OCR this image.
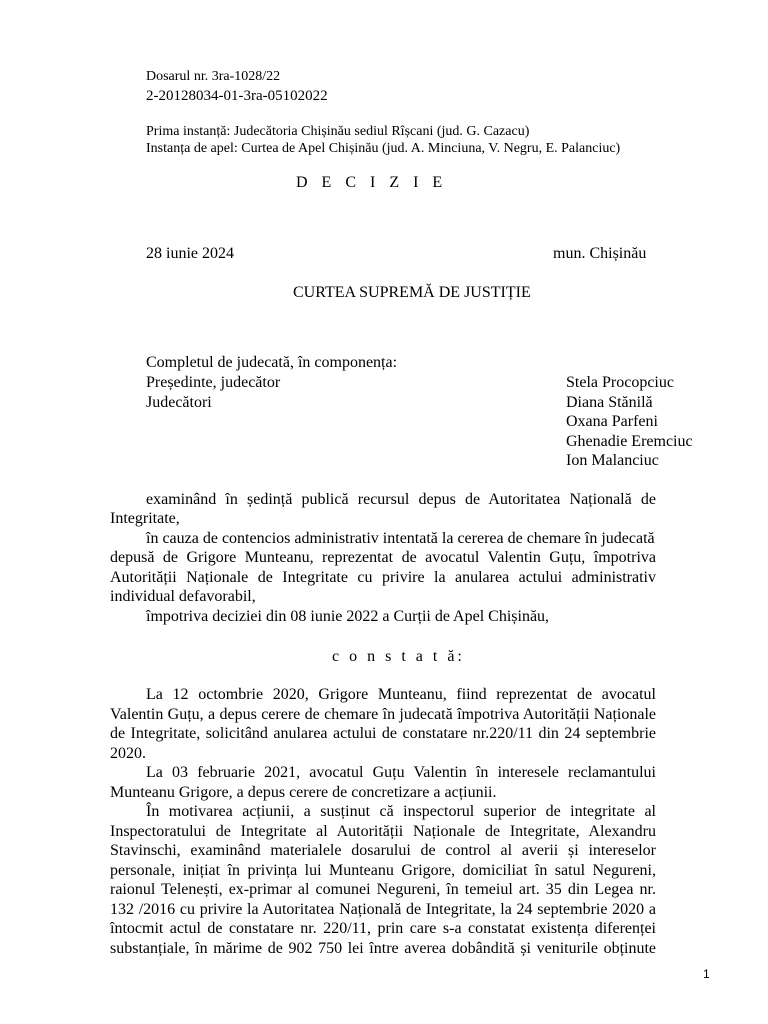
Dosarul nr. 3ra-1028/22
2-20128034-01-3ra-05102022
Prima instanță: Judecătoria Chișinău sediul Rîșcani (jud. G. Cazacu)
Instanța de apel: Curtea de Apel Chișinău (jud. A. Minciuna, V. Negru, E. Palanciuc)
D E C I Z I E
28 iunie 2024	mun. Chișinău
CURTEA SUPREMĂ DE JUSTIȚIE
Completul de judecată, în componența:
Președinte, judecător
Judecători
Stela Procopciuc
Diana Stănilă
Oxana Parfeni
Ghenadie Eremciuc
Ion Malanciuc
examinând în ședință publică recursul depus de Autoritatea Națională de
Integritate,
în cauza de contencios administrativ intentată la cererea de chemare în judecată
depusă de Grigore Munteanu, reprezentat de avocatul Valentin Guțu, împotriva
Autorității Naționale de Integritate cu privire la anularea actului administrativ
individual defavorabil,
împotriva deciziei din 08 iunie 2022 a Curții de Apel Chișinău,
c o n s t a t ă:
La 12 octombrie 2020, Grigore Munteanu, fiind reprezentat de avocatul
Valentin Guțu, a depus cerere de chemare în judecată împotriva Autorității Naționale
de Integritate, solicitând anularea actului de constatare nr.220/11 din 24 septembrie
2020.
La 03 februarie 2021, avocatul Guțu Valentin în interesele reclamantului
Munteanu Grigore, a depus cerere de concretizare a acțiunii.
În motivarea acțiunii, a susținut că inspectorul superior de integritate al
Inspectoratului de Integritate al Autorității Naționale de Integritate, Alexandru
Stavinschi, examinând materialele dosarului de control al averii și intereselor
personale, inițiat în privința lui Munteanu Grigore, domiciliat în satul Negureni,
raionul Telenești, ex-primar al comunei Negureni, în temeiul art. 35 din Legea nr.
132 /2016 cu privire la Autoritatea Națională de Integritate, la 24 septembrie 2020 a
întocmit actul de constatare nr. 220/11, prin care s-a constatat existența diferenței
substanțiale, în mărime de 902 750 lei între averea dobândită și veniturile obținute
1
